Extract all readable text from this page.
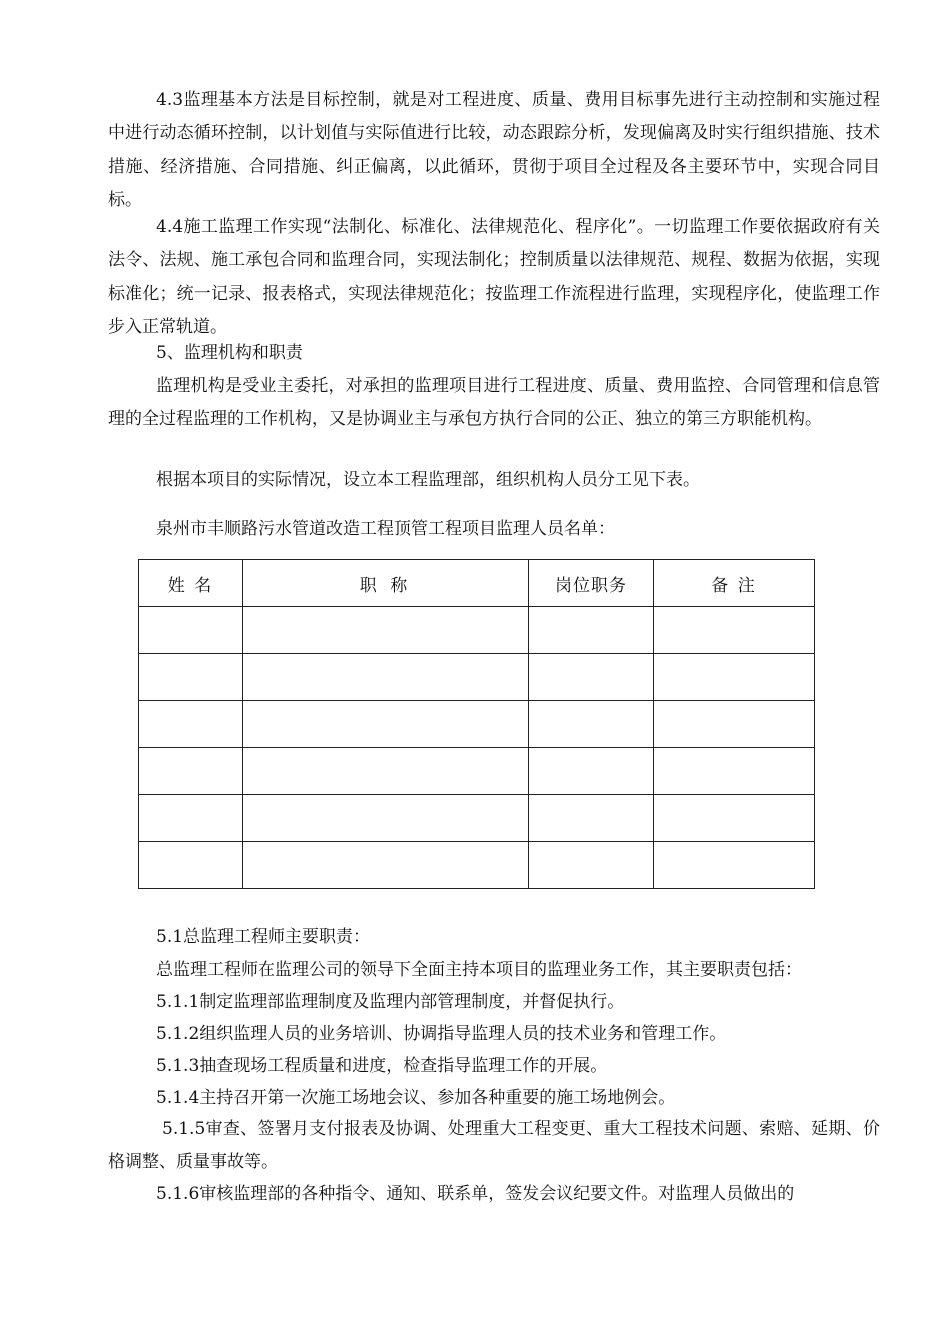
4.3监理基本方法是目标控制，就是对工程进度、质量、费用目标事先进行主动控制和实施过程中进行动态循环控制，以计划值与实际值进行比较，动态跟踪分析，发现偏离及时实行组织措施、技术措施、经济措施、合同措施、纠正偏离，以此循环，贯彻于项目全过程及各主要环节中，实现合同目标。

4.4施工监理工作实现“法制化、标准化、法律规范化、程序化”。一切监理工作要依据政府有关法令、法规、施工承包合同和监理合同，实现法制化；控制质量以法律规范、规程、数据为依据，实现标准化；统一记录、报表格式，实现法律规范化；按监理工作流程进行监理，实现程序化，使监理工作步入正常轨道。

5、监理机构和职责

监理机构是受业主委托，对承担的监理项目进行工程进度、质量、费用监控、合同管理和信息管理的全过程监理的工作机构，又是协调业主与承包方执行合同的公正、独立的第三方职能机构。

根据本项目的实际情况，设立本工程监理部，组织机构人员分工见下表。

泉州市丰顺路污水管道改造工程顶管工程项目监理人员名单：

姓 名	职 称	岗位职务	备 注

5.1总监理工程师主要职责：

总监理工程师在监理公司的领导下全面主持本项目的监理业务工作，其主要职责包括：

5.1.1制定监理部监理制度及监理内部管理制度，并督促执行。

5.1.2组织监理人员的业务培训、协调指导监理人员的技术业务和管理工作。

5.1.3抽查现场工程质量和进度，检查指导监理工作的开展。

5.1.4主持召开第一次施工场地会议、参加各种重要的施工场地例会。

5.1.5审查、签署月支付报表及协调、处理重大工程变更、重大工程技术问题、索赔、延期、价格调整、质量事故等。

5.1.6审核监理部的各种指令、通知、联系单，签发会议纪要文件。对监理人员做出的
